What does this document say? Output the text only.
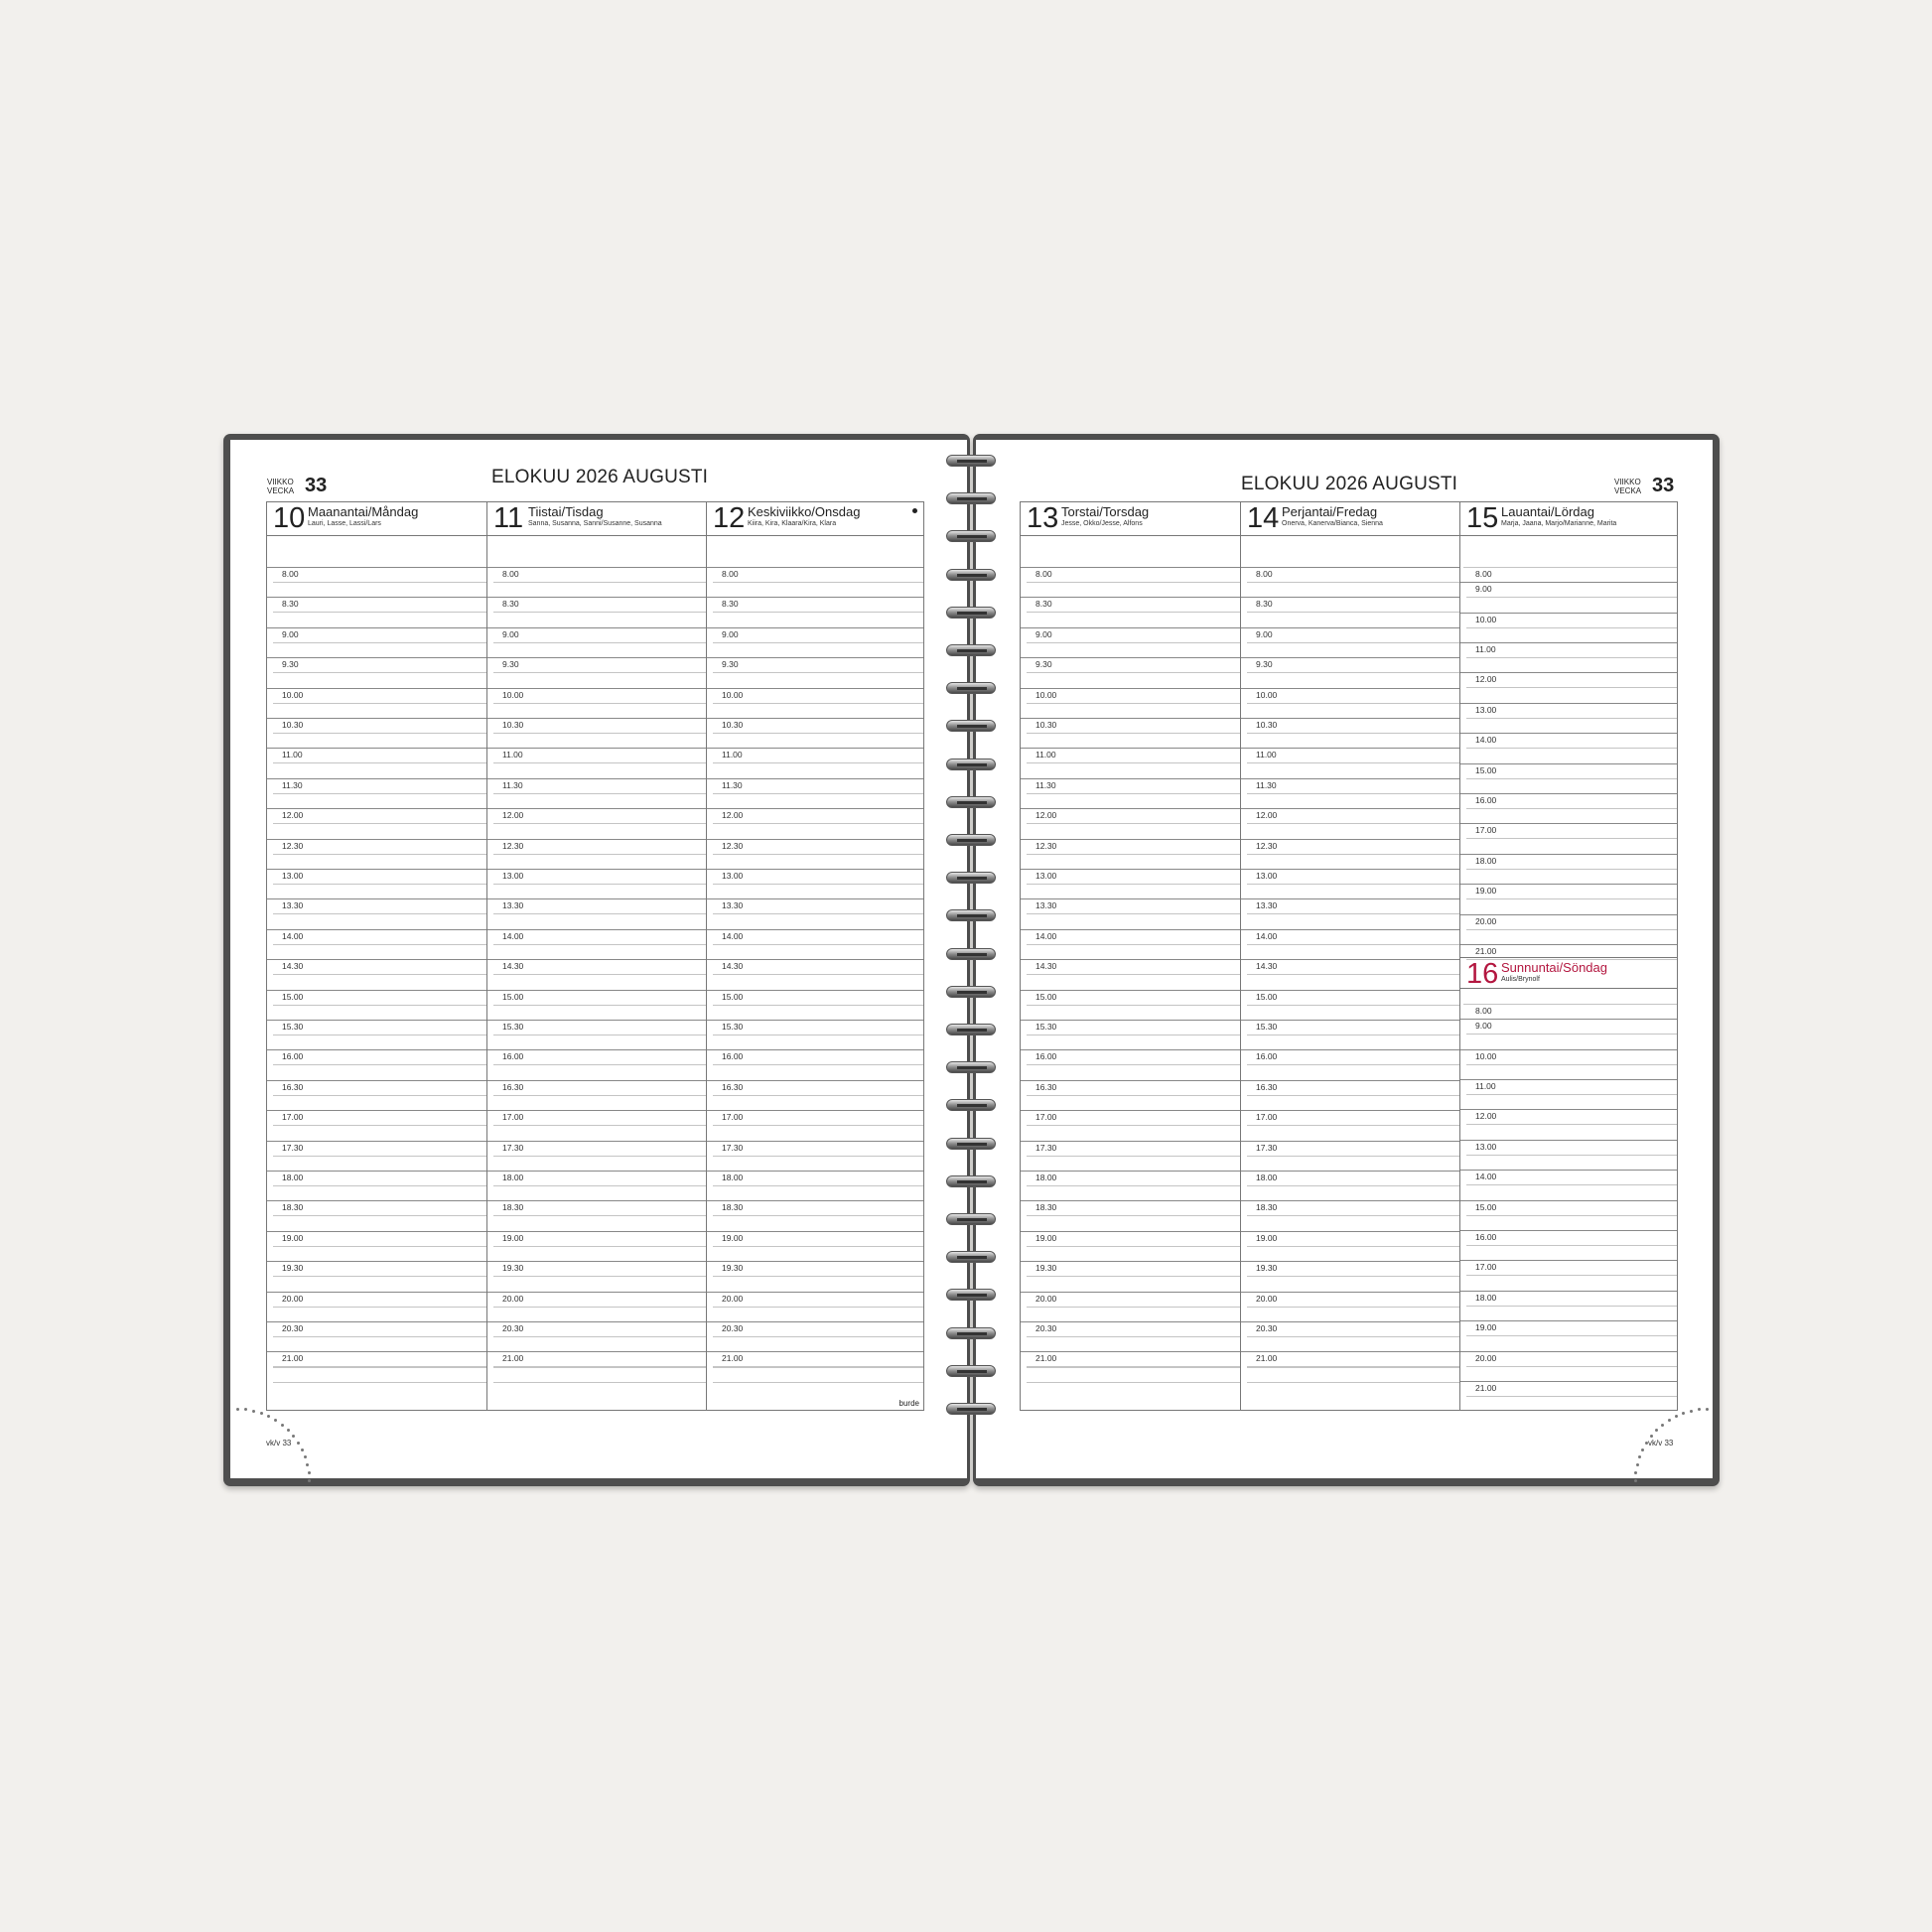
VIIKKO
VECKA 33	ELOKUU 2026 AUGUSTI	ELOKUU 2026 AUGUSTI	VIIKKO
VECKA 33
10 Maanantai/Måndag
Lauri, Lasse, Lassi/Lars
8.00
8.30
9.00
9.30
10.00
10.30
11.00
11.30
12.00
12.30
13.00
13.30
14.00
14.30
15.00
15.30
16.00
16.30
17.00
17.30
18.00
18.30
19.00
19.30
20.00
20.30
21.00
11 Tiistai/Tisdag
Sanna, Susanna, Sanni/Susanne, Susanna
8.00
8.30
9.00
9.30
10.00
10.30
11.00
11.30
12.00
12.30
13.00
13.30
14.00
14.30
15.00
15.30
16.00
16.30
17.00
17.30
18.00
18.30
19.00
19.30
20.00
20.30
21.00
12 Keskiviikko/Onsdag
Kiira, Kira, Klaara/Kira, Klara
8.00
8.30
9.00
9.30
10.00
10.30
11.00
11.30
12.00
12.30
13.00
13.30
14.00
14.30
15.00
15.30
16.00
16.30
17.00
17.30
18.00
18.30
19.00
19.30
20.00
20.30
21.00
burde
13 Torstai/Torsdag
Jesse, Okko/Jesse, Alfons
8.00
8.30
9.00
9.30
10.00
10.30
11.00
11.30
12.00
12.30
13.00
13.30
14.00
14.30
15.00
15.30
16.00
16.30
17.00
17.30
18.00
18.30
19.00
19.30
20.00
20.30
21.00
14 Perjantai/Fredag
Onerva, Kanerva/Bianca, Sienna
8.00
8.30
9.00
9.30
10.00
10.30
11.00
11.30
12.00
12.30
13.00
13.30
14.00
14.30
15.00
15.30
16.00
16.30
17.00
17.30
18.00
18.30
19.00
19.30
20.00
20.30
21.00
15 Lauantai/Lördag
Marja, Jaana, Marjo/Marianne, Marita
8.00
9.00
10.00
11.00
12.00
13.00
14.00
15.00
16.00
17.00
18.00
19.00
20.00
21.00
16 Sunnuntai/Söndag
Aulis/Brynolf
8.00
9.00
10.00
11.00
12.00
13.00
14.00
15.00
16.00
17.00
18.00
19.00
20.00
21.00
vk/v 33	vk/v 33
